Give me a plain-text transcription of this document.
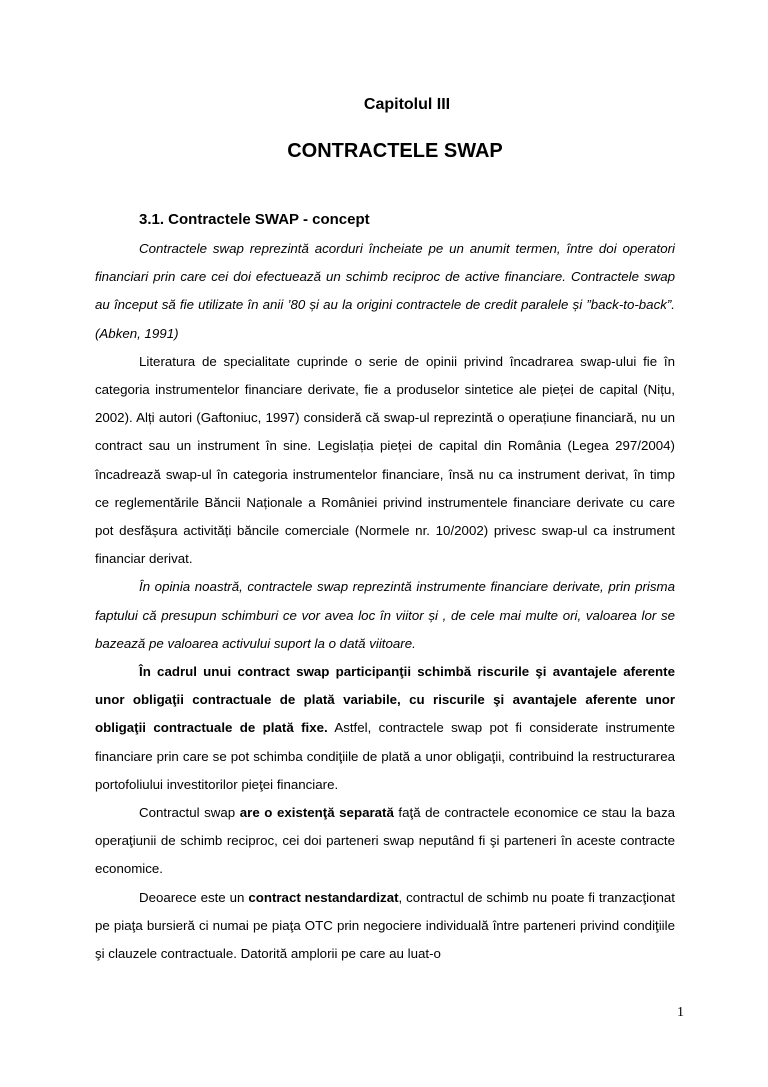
Capitolul III
CONTRACTELE SWAP
3.1. Contractele SWAP - concept

Contractele swap reprezintă acorduri încheiate pe un anumit termen, între doi operatori financiari prin care cei doi efectuează un schimb reciproc de active financiare. Contractele swap au început să fie utilizate în anii ’80 și au la origini contractele de credit paralele și ”back-to-back”. (Abken, 1991)

Literatura de specialitate cuprinde o serie de opinii privind încadrarea swap-ului fie în categoria instrumentelor financiare derivate, fie a produselor sintetice ale pieței de capital (Nițu, 2002). Alți autori (Gaftoniuc, 1997) consideră că swap-ul reprezintă o operațiune financiară, nu un contract sau un instrument în sine. Legislația pieței de capital din România (Legea 297/2004) încadrează swap-ul în categoria instrumentelor financiare, însă nu ca instrument derivat, în timp ce reglementările Băncii Naționale a României privind instrumentele financiare derivate cu care pot desfășura activități băncile comerciale (Normele nr. 10/2002) privesc swap-ul ca instrument financiar derivat.

În opinia noastră, contractele swap reprezintă instrumente financiare derivate, prin prisma faptului că presupun schimburi ce vor avea loc în viitor și , de cele mai multe ori, valoarea lor se bazează pe valoarea activului suport la o dată viitoare.

În cadrul unui contract swap participanţii schimbă riscurile şi avantajele aferente unor obligaţii contractuale de plată variabile, cu riscurile şi avantajele aferente unor obligaţii contractuale de plată fixe. Astfel, contractele swap pot fi considerate instrumente financiare prin care se pot schimba condiţiile de plată a unor obligaţii, contribuind la restructurarea portofoliului investitorilor pieţei financiare.

Contractul swap are o existenţă separată faţă de contractele economice ce stau la baza operaţiunii de schimb reciproc, cei doi parteneri swap neputând fi şi parteneri în aceste contracte economice.

Deoarece este un contract nestandardizat, contractul de schimb nu poate fi tranzacţionat pe piaţa bursieră ci numai pe piaţa OTC prin negociere individuală între parteneri privind condiţiile şi clauzele contractuale. Datorită amplorii pe care au luat-o

1
